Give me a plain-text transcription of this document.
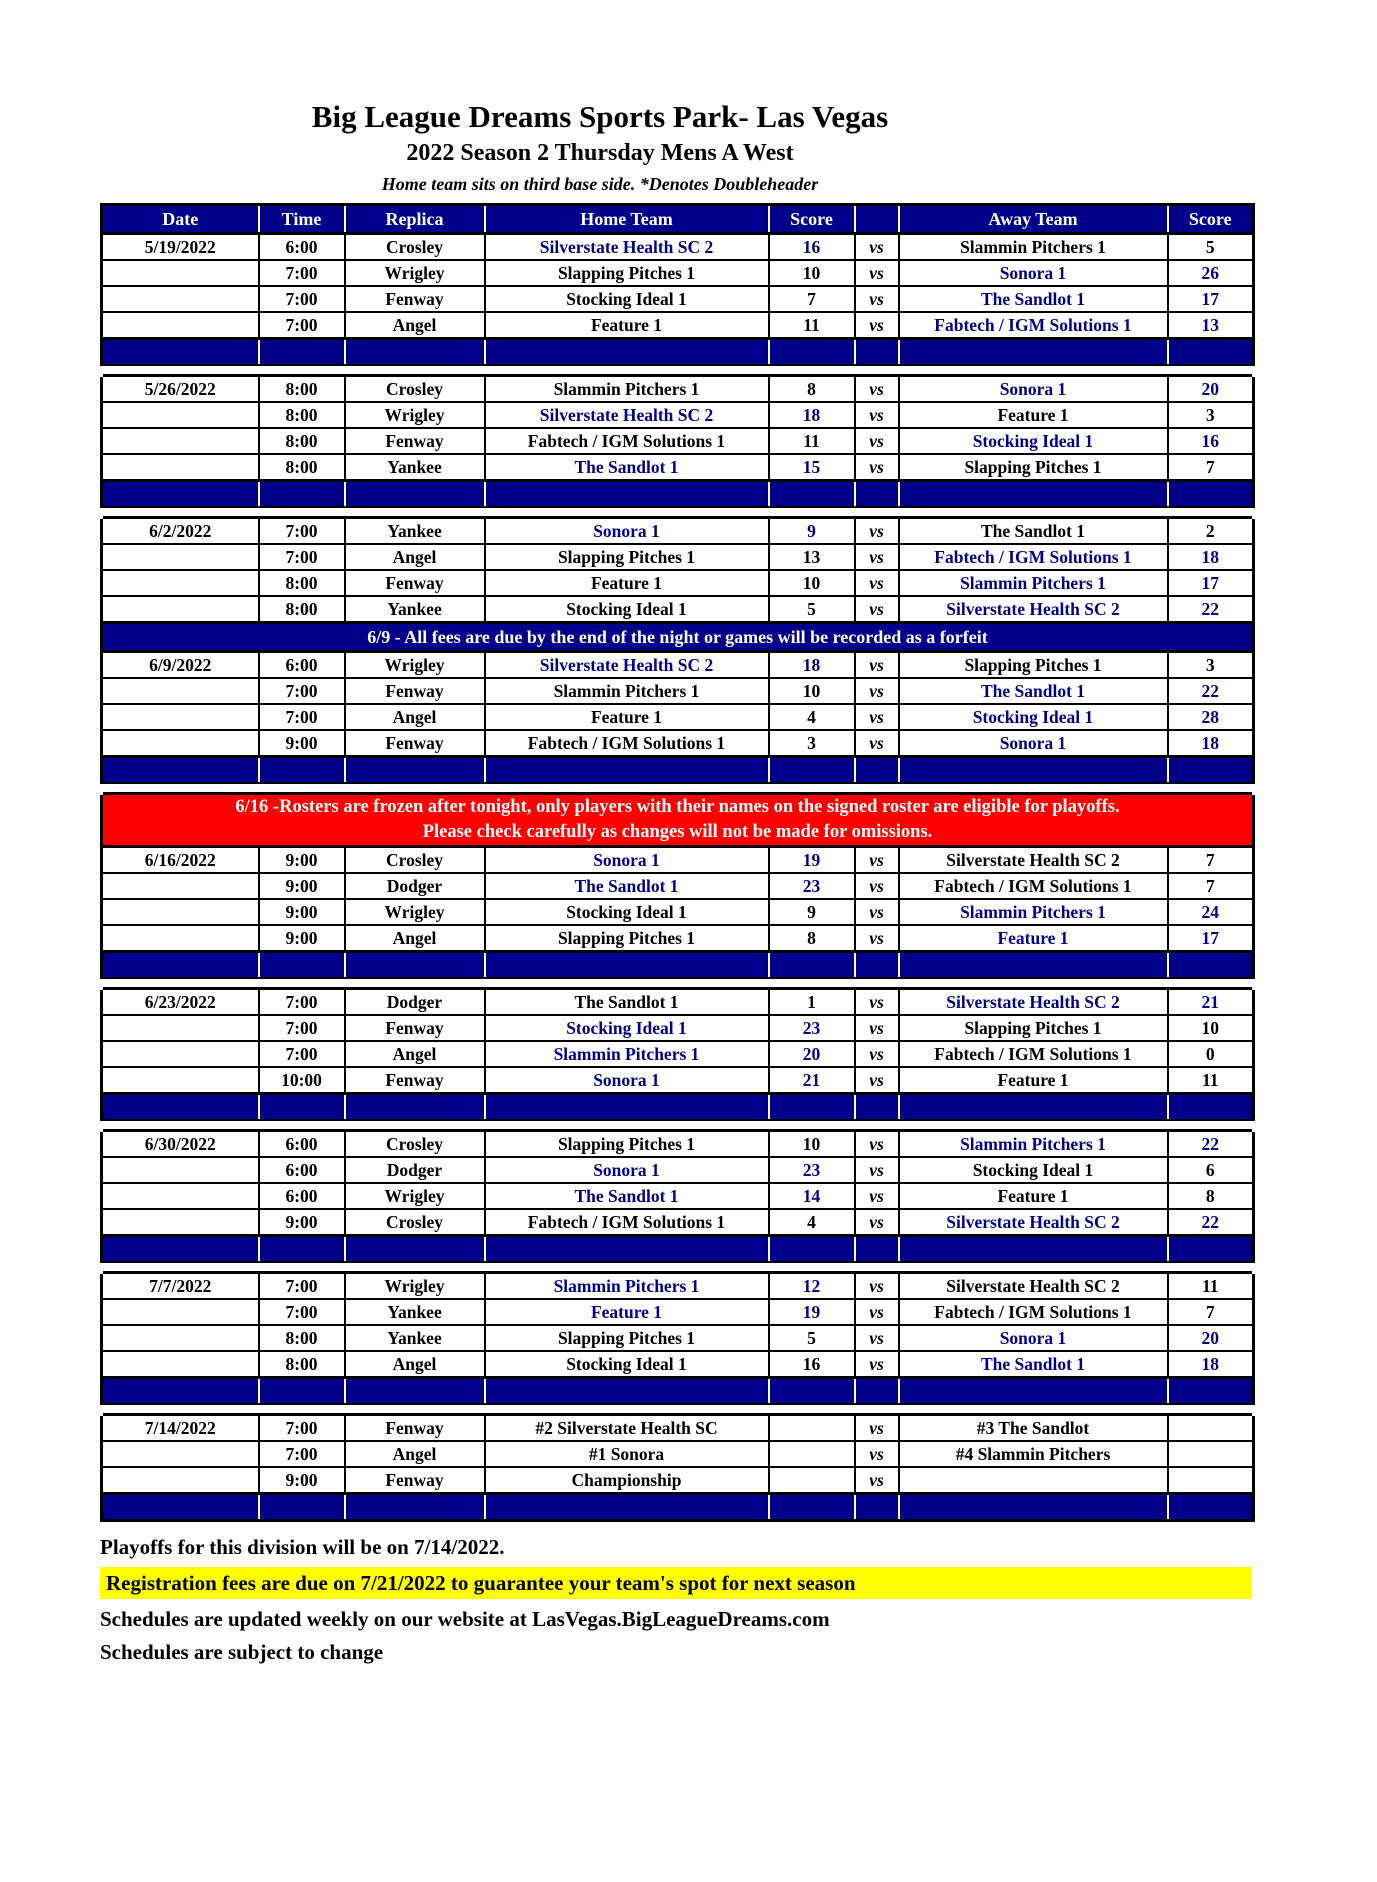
Big League Dreams Sports Park- Las Vegas
2022 Season 2 Thursday Mens A West
Home team sits on third base side. *Denotes Doubleheader
Date	Time	Replica	Home Team	Score		Away Team	Score
5/19/2022	6:00	Crosley	Silverstate Health SC 2	16	vs	Slammin Pitchers 1	5
	7:00	Wrigley	Slapping Pitches 1	10	vs	Sonora 1	26
	7:00	Fenway	Stocking Ideal 1	7	vs	The Sandlot 1	17
	7:00	Angel	Feature 1	11	vs	Fabtech / IGM Solutions 1	13

5/26/2022	8:00	Crosley	Slammin Pitchers 1	8	vs	Sonora 1	20
	8:00	Wrigley	Silverstate Health SC 2	18	vs	Feature 1	3
	8:00	Fenway	Fabtech / IGM Solutions 1	11	vs	Stocking Ideal 1	16
	8:00	Yankee	The Sandlot 1	15	vs	Slapping Pitches 1	7

6/2/2022	7:00	Yankee	Sonora 1	9	vs	The Sandlot 1	2
	7:00	Angel	Slapping Pitches 1	13	vs	Fabtech / IGM Solutions 1	18
	8:00	Fenway	Feature 1	10	vs	Slammin Pitchers 1	17
	8:00	Yankee	Stocking Ideal 1	5	vs	Silverstate Health SC 2	22

6/9 - All fees are due by the end of the night or games will be recorded as a forfeit							

6/9/2022	6:00	Wrigley	Silverstate Health SC 2	18	vs	Slapping Pitches 1	3
	7:00	Fenway	Slammin Pitchers 1	10	vs	The Sandlot 1	22
	7:00	Angel	Feature 1	4	vs	Stocking Ideal 1	28
	9:00	Fenway	Fabtech / IGM Solutions 1	3	vs	Sonora 1	18

6/16 -Rosters are frozen after tonight, only players with their names on the signed roster are eligible for playoffs.
Please check carefully as changes will not be made for omissions.							

6/16/2022	9:00	Crosley	Sonora 1	19	vs	Silverstate Health SC 2	7
	9:00	Dodger	The Sandlot 1	23	vs	Fabtech / IGM Solutions 1	7
	9:00	Wrigley	Stocking Ideal 1	9	vs	Slammin Pitchers 1	24
	9:00	Angel	Slapping Pitches 1	8	vs	Feature 1	17

6/23/2022	7:00	Dodger	The Sandlot 1	1	vs	Silverstate Health SC 2	21
	7:00	Fenway	Stocking Ideal 1	23	vs	Slapping Pitches 1	10
	7:00	Angel	Slammin Pitchers 1	20	vs	Fabtech / IGM Solutions 1	0
	10:00	Fenway	Sonora 1	21	vs	Feature 1	11

6/30/2022	6:00	Crosley	Slapping Pitches 1	10	vs	Slammin Pitchers 1	22
	6:00	Dodger	Sonora 1	23	vs	Stocking Ideal 1	6
	6:00	Wrigley	The Sandlot 1	14	vs	Feature 1	8
	9:00	Crosley	Fabtech / IGM Solutions 1	4	vs	Silverstate Health SC 2	22

7/7/2022	7:00	Wrigley	Slammin Pitchers 1	12	vs	Silverstate Health SC 2	11
	7:00	Yankee	Feature 1	19	vs	Fabtech / IGM Solutions 1	7
	8:00	Yankee	Slapping Pitches 1	5	vs	Sonora 1	20
	8:00	Angel	Stocking Ideal 1	16	vs	The Sandlot 1	18

7/14/2022	7:00	Fenway	#2 Silverstate Health SC		vs	#3 The Sandlot	
	7:00	Angel	#1 Sonora		vs	#4 Slammin Pitchers	
	9:00	Fenway	Championship		vs		

Playoffs for this division will be on 7/14/2022.
Registration fees are due on 7/21/2022 to guarantee your team's spot for next season
Schedules are updated weekly on our website at LasVegas.BigLeagueDreams.com
Schedules are subject to change
